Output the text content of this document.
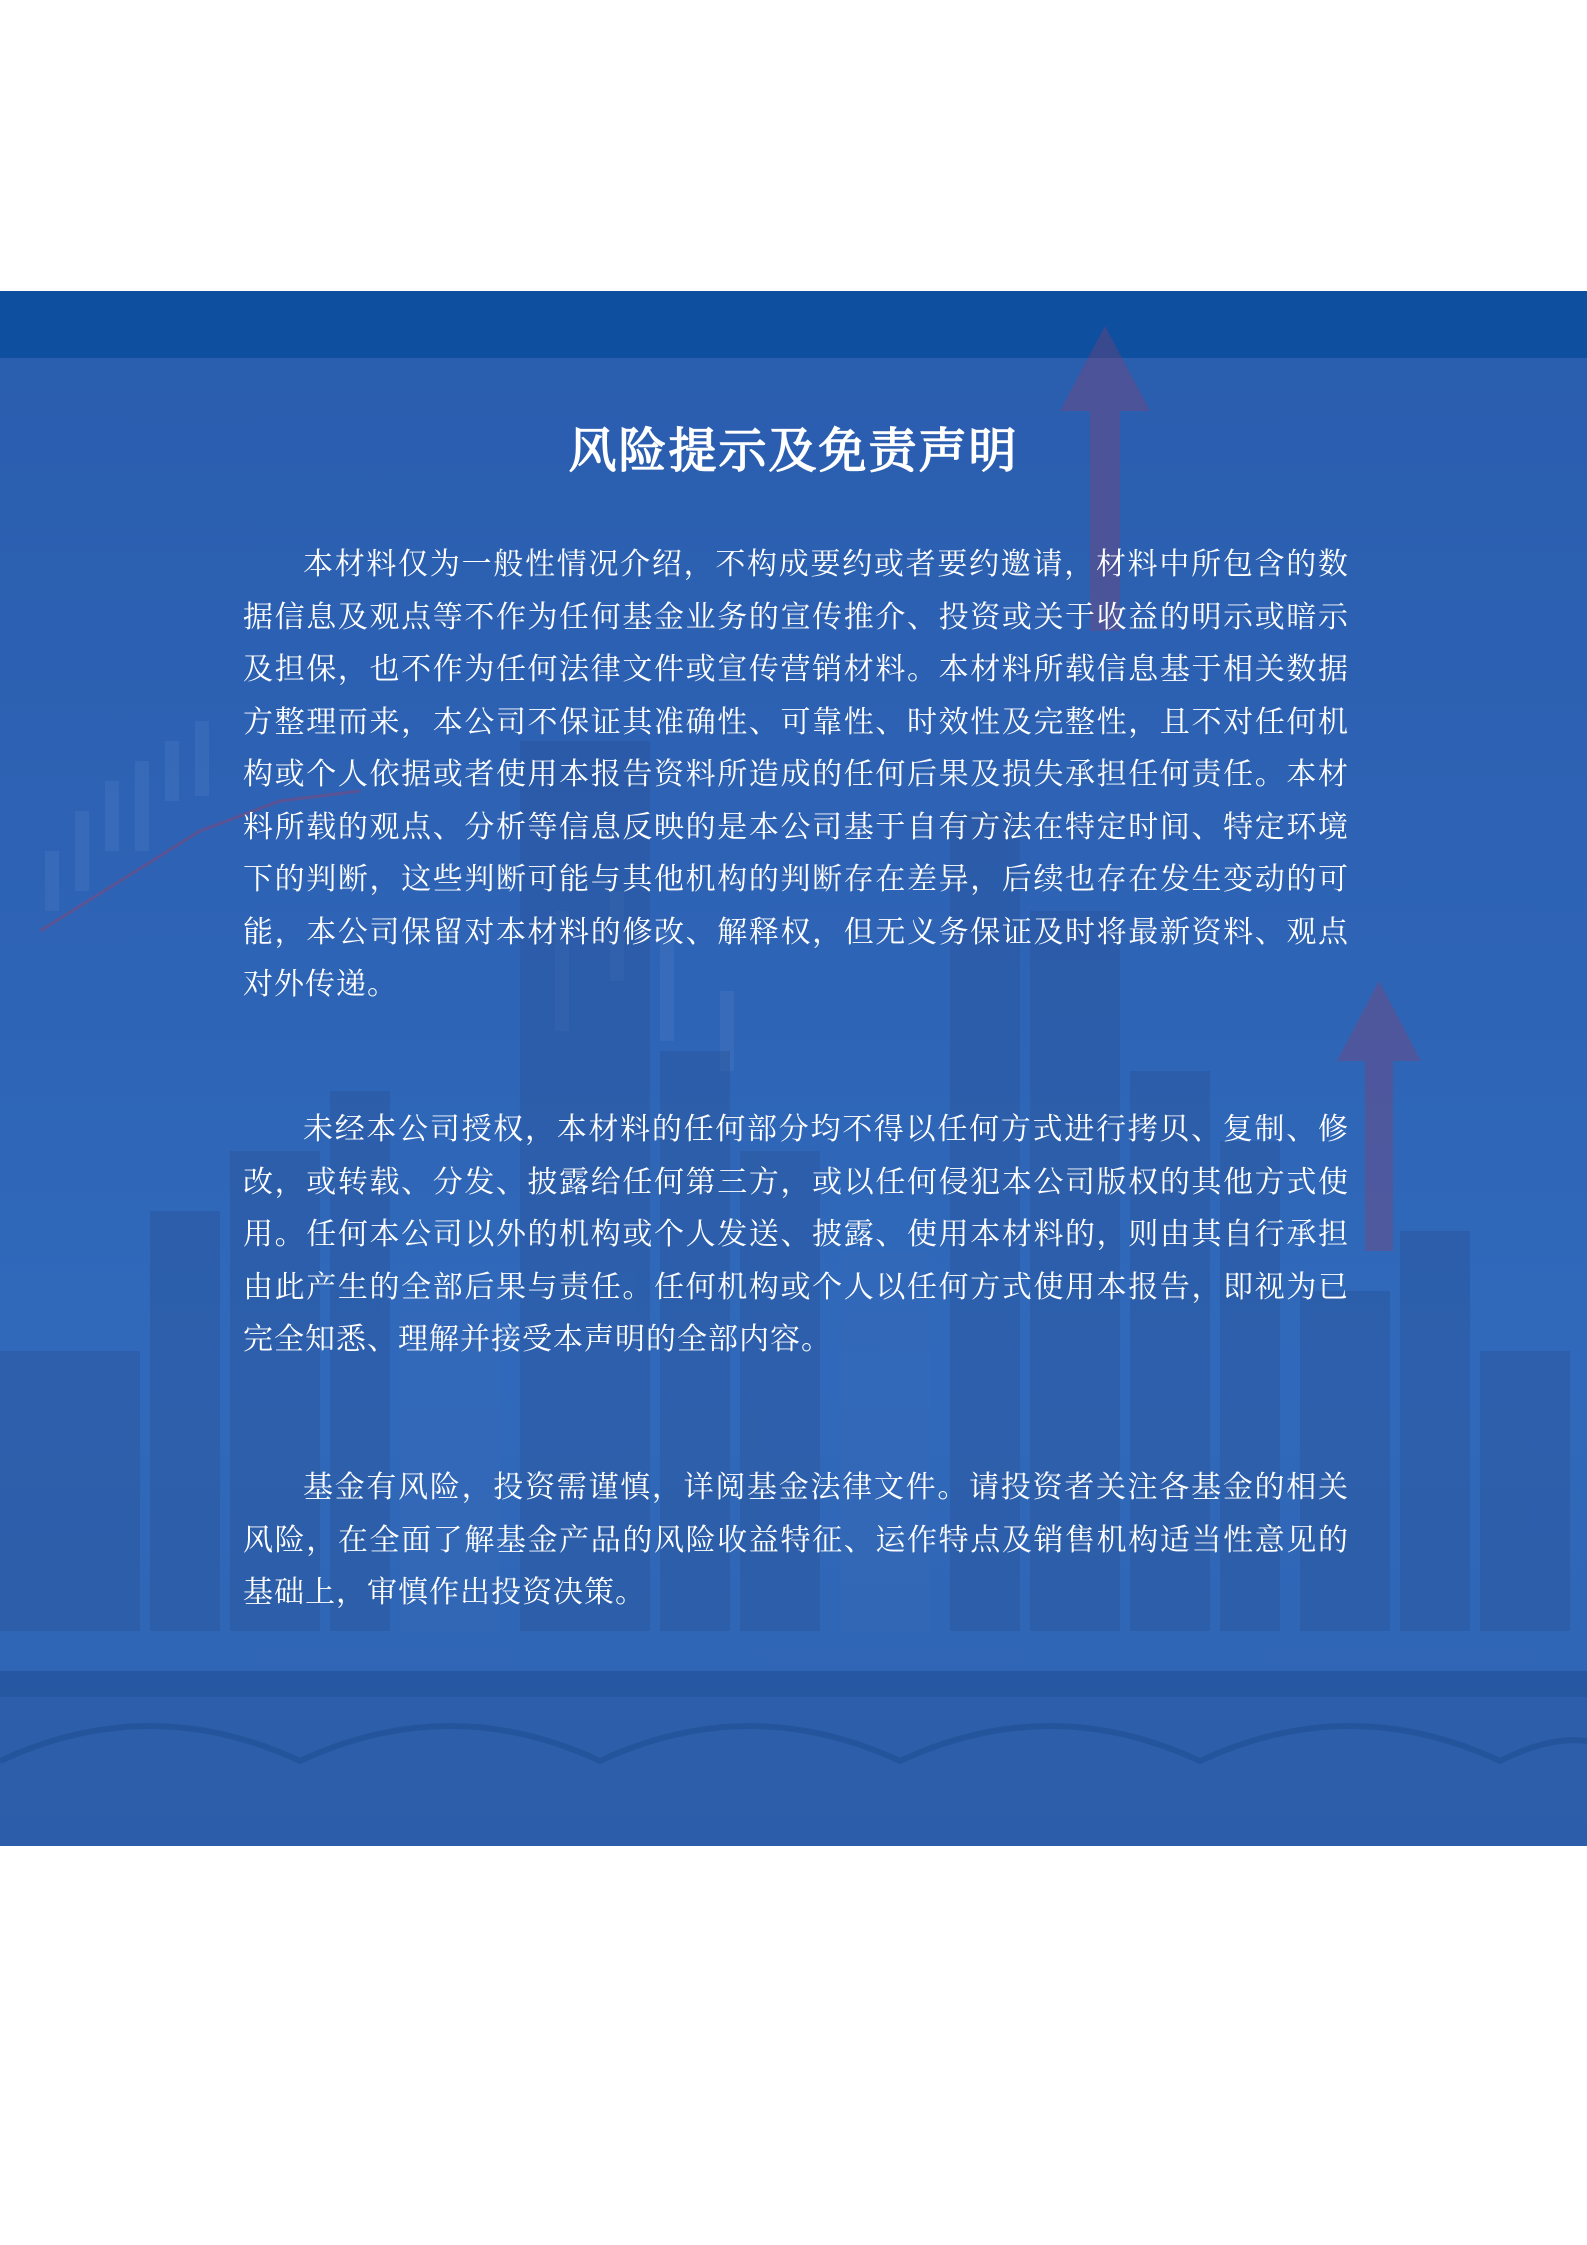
风险提示及免责声明

本材料仅为一般性情况介绍，不构成要约或者要约邀请，材料中所包含的数据信息及观点等不作为任何基金业务的宣传推介、投资或关于收益的明示或暗示及担保，也不作为任何法律文件或宣传营销材料。本材料所载信息基于相关数据方整理而来，本公司不保证其准确性、可靠性、时效性及完整性，且不对任何机构或个人依据或者使用本报告资料所造成的任何后果及损失承担任何责任。本材料所载的观点、分析等信息反映的是本公司基于自有方法在特定时间、特定环境下的判断，这些判断可能与其他机构的判断存在差异，后续也存在发生变动的可能，本公司保留对本材料的修改、解释权，但无义务保证及时将最新资料、观点对外传递。

未经本公司授权，本材料的任何部分均不得以任何方式进行拷贝、复制、修改，或转载、分发、披露给任何第三方，或以任何侵犯本公司版权的其他方式使用。任何本公司以外的机构或个人发送、披露、使用本材料的，则由其自行承担由此产生的全部后果与责任。任何机构或个人以任何方式使用本报告，即视为已完全知悉、理解并接受本声明的全部内容。

基金有风险，投资需谨慎，详阅基金法律文件。请投资者关注各基金的相关风险，在全面了解基金产品的风险收益特征、运作特点及销售机构适当性意见的基础上，审慎作出投资决策。
